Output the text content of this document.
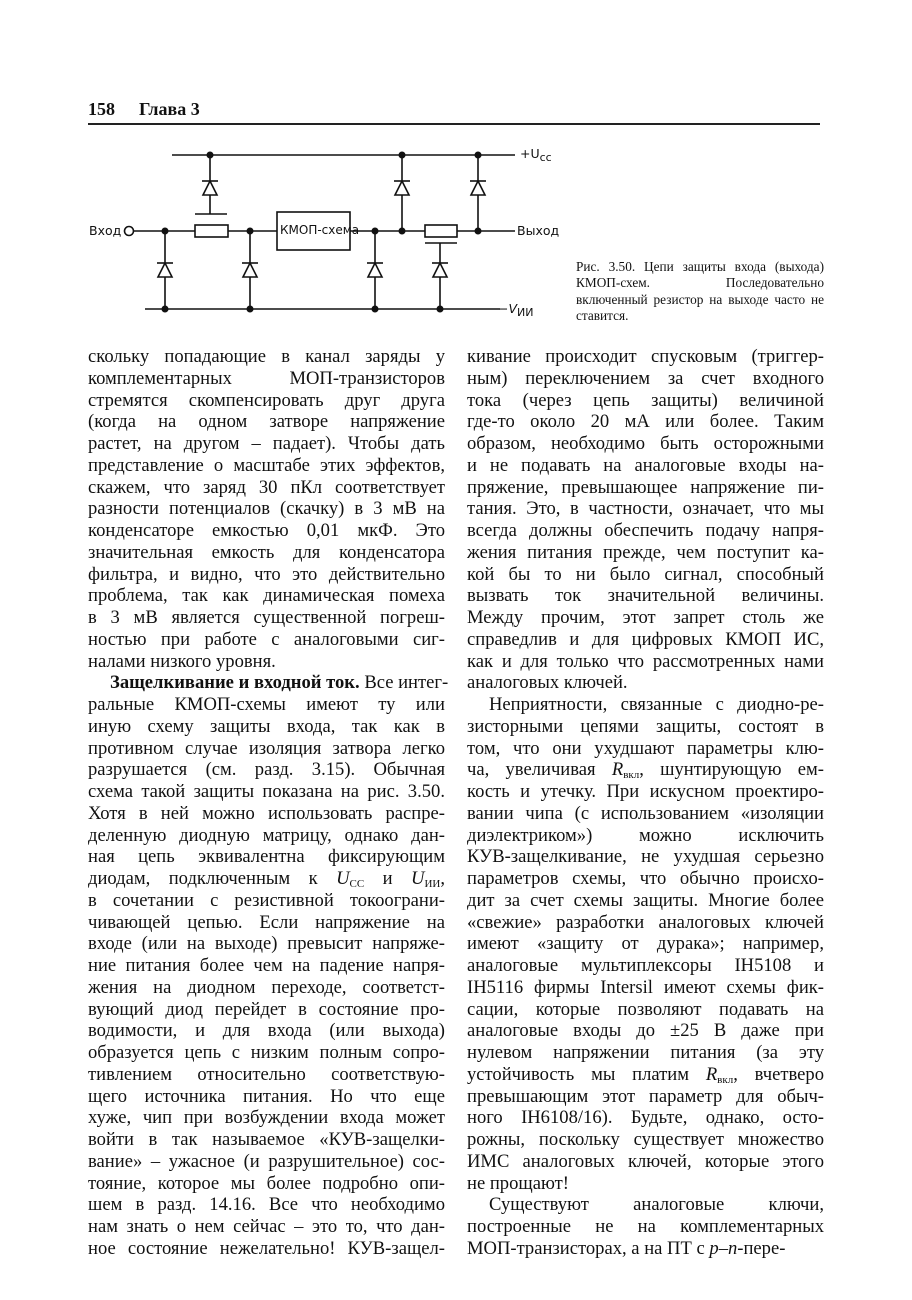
158 Глава 3
Вход	КМОП-схема	Выход
$+U_{cc}$
$-V_{ИИ}$
Рис. 3.50. Цепи защиты входа (выхода) КМОП-схем. Последовательно включенный резистор на выходе часто не ставится.
скольку попадающие в канал заряды у
комплементарных МОП-транзисторов
стремятся скомпенсировать друг друга
(когда на одном затворе напряжение
растет, на другом – падает). Чтобы дать
представление о масштабе этих эффектов,
скажем, что заряд 30 пКл соответствует
разности потенциалов (скачку) в 3 мВ на
конденсаторе емкостью 0,01 мкФ. Это
значительная емкость для конденсатора
фильтра, и видно, что это действительно
проблема, так как динамическая помеха
в 3 мВ является существенной погреш-
ностью при работе с аналоговыми сиг-
налами низкого уровня.
Защелкивание и входной ток. Все интег-
ральные КМОП-схемы имеют ту или
иную схему защиты входа, так как в
противном случае изоляция затвора легко
разрушается (см. разд. 3.15). Обычная
схема такой защиты показана на рис. 3.50.
Хотя в ней можно использовать распре-
деленную диодную матрицу, однако дан-
ная цепь эквивалентна фиксирующим
диодам, подключенным к $U_{CC}$ и $U_{ИИ}$,
в сочетании с резистивной токоограни-
чивающей цепью. Если напряжение на
входе (или на выходе) превысит напряже-
ние питания более чем на падение напря-
жения на диодном переходе, соответст-
вующий диод перейдет в состояние про-
водимости, и для входа (или выхода)
образуется цепь с низким полным сопро-
тивлением относительно соответствую-
щего источника питания. Но что еще
хуже, чип при возбуждении входа может
войти в так называемое «КУВ-защелки-
вание» – ужасное (и разрушительное) сос-
тояние, которое мы более подробно опи-
шем в разд. 14.16. Все что необходимо
нам знать о нем сейчас – это то, что дан-
ное состояние нежелательно! КУВ-защел-
кивание происходит спусковым (триггер-
ным) переключением за счет входного
тока (через цепь защиты) величиной
где-то около 20 мА или более. Таким
образом, необходимо быть осторожными
и не подавать на аналоговые входы на-
пряжение, превышающее напряжение пи-
тания. Это, в частности, означает, что мы
всегда должны обеспечить подачу напря-
жения питания прежде, чем поступит ка-
кой бы то ни было сигнал, способный
вызвать ток значительной величины.
Между прочим, этот запрет столь же
справедлив и для цифровых КМОП ИС,
как и для только что рассмотренных нами
аналоговых ключей.
Неприятности, связанные с диодно-ре-
зисторными цепями защиты, состоят в
том, что они ухудшают параметры клю-
ча, увеличивая $R_{вкл}$, шунтирующую ем-
кость и утечку. При искусном проектиро-
вании чипа (с использованием «изоляции
диэлектриком») можно исключить
КУВ-защелкивание, не ухудшая серьезно
параметров схемы, что обычно происхо-
дит за счет схемы защиты. Многие более
«свежие» разработки аналоговых ключей
имеют «защиту от дурака»; например,
аналоговые мультиплексоры IH5108 и
IH5116 фирмы Intersil имеют схемы фик-
сации, которые позволяют подавать на
аналоговые входы до ±25 В даже при
нулевом напряжении питания (за эту
устойчивость мы платим $R_{вкл}$, вчетверо
превышающим этот параметр для обыч-
ного IH6108/16). Будьте, однако, осто-
рожны, поскольку существует множество
ИМС аналоговых ключей, которые этого
не прощают!
Существуют аналоговые ключи,
построенные не на комплементарных
МОП-транзисторах, а на ПТ с p–n-пере-
